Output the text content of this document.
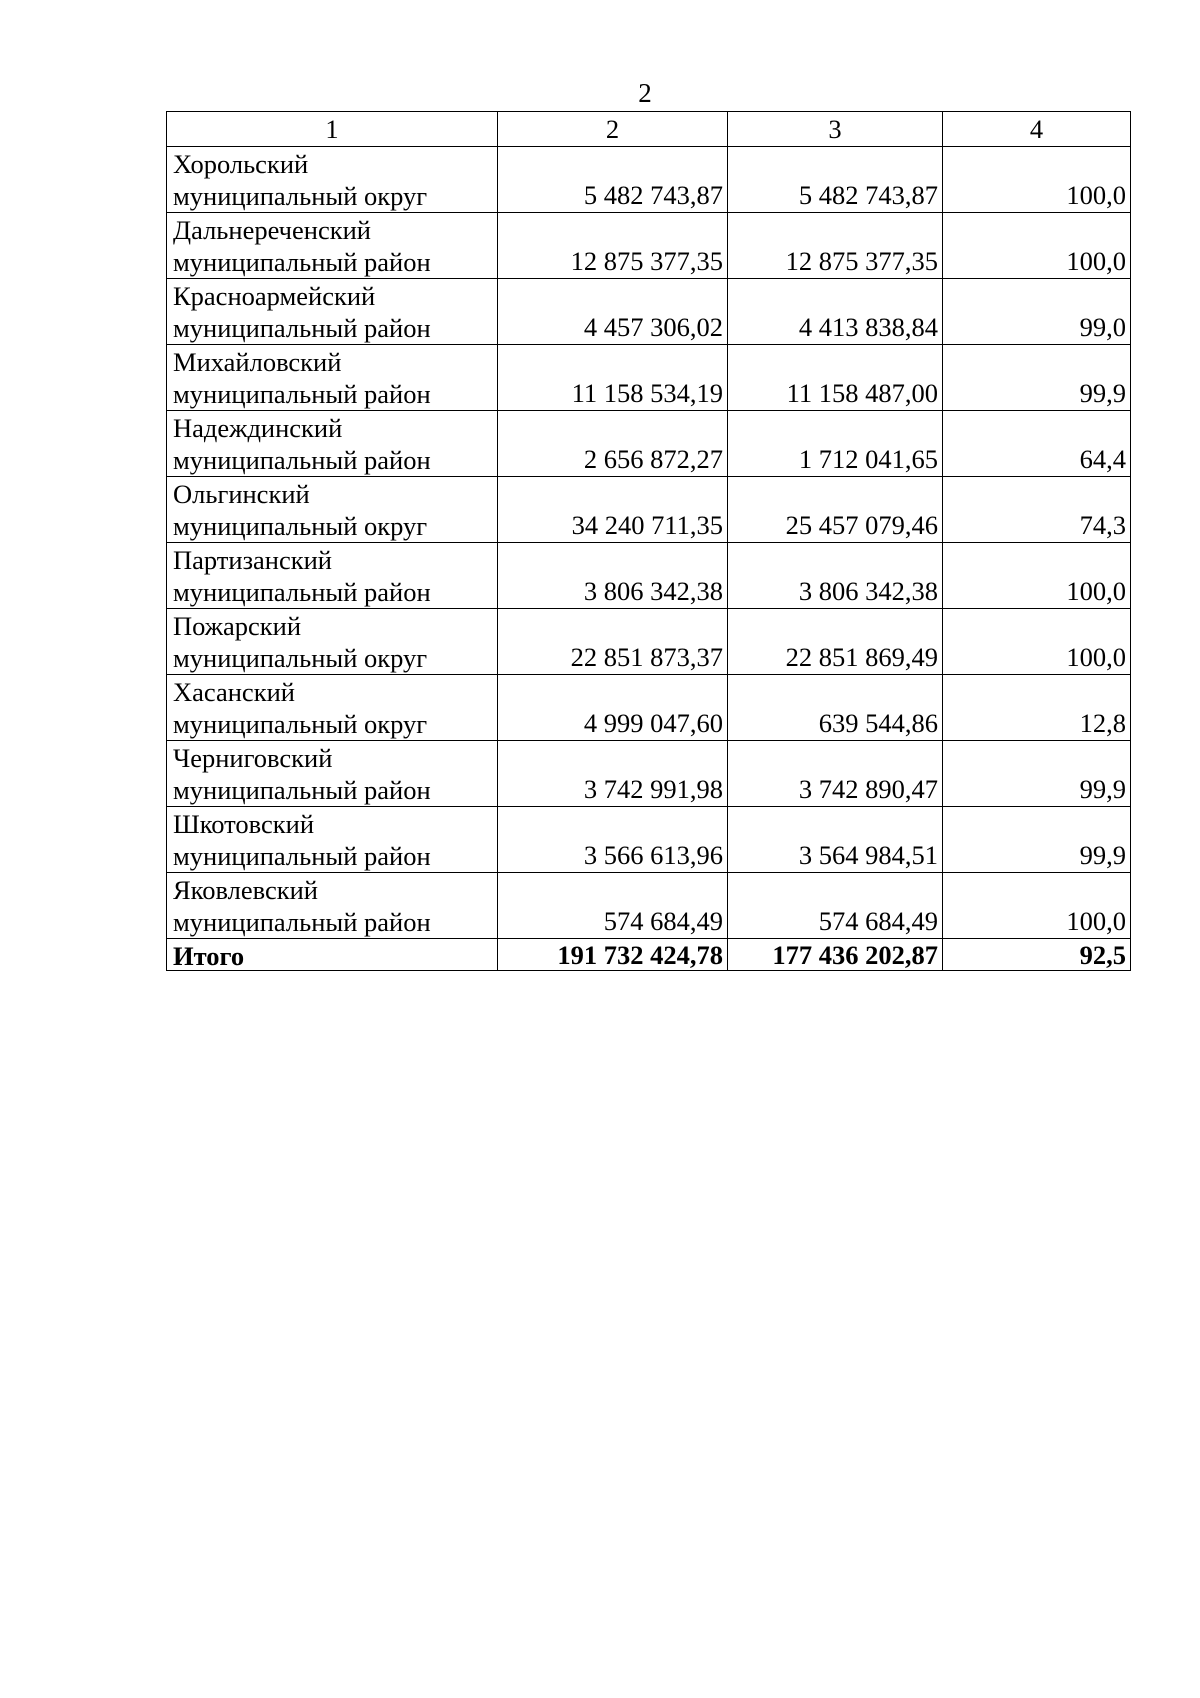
2
1	2	3	4

Хорольский
муниципальный округ	5 482 743,87	5 482 743,87	100,0

Дальнереченский
муниципальный район	12 875 377,35	12 875 377,35	100,0

Красноармейский
муниципальный район	4 457 306,02	4 413 838,84	99,0

Михайловский
муниципальный район	11 158 534,19	11 158 487,00	99,9

Надеждинский
муниципальный район	2 656 872,27	1 712 041,65	64,4

Ольгинский
муниципальный округ	34 240 711,35	25 457 079,46	74,3

Партизанский
муниципальный район	3 806 342,38	3 806 342,38	100,0

Пожарский
муниципальный округ	22 851 873,37	22 851 869,49	100,0

Хасанский
муниципальный округ	4 999 047,60	639 544,86	12,8

Черниговский
муниципальный район	3 742 991,98	3 742 890,47	99,9

Шкотовский
муниципальный район	3 566 613,96	3 564 984,51	99,9

Яковлевский
муниципальный район	574 684,49	574 684,49	100,0
Итого	191 732 424,78	177 436 202,87	92,5
